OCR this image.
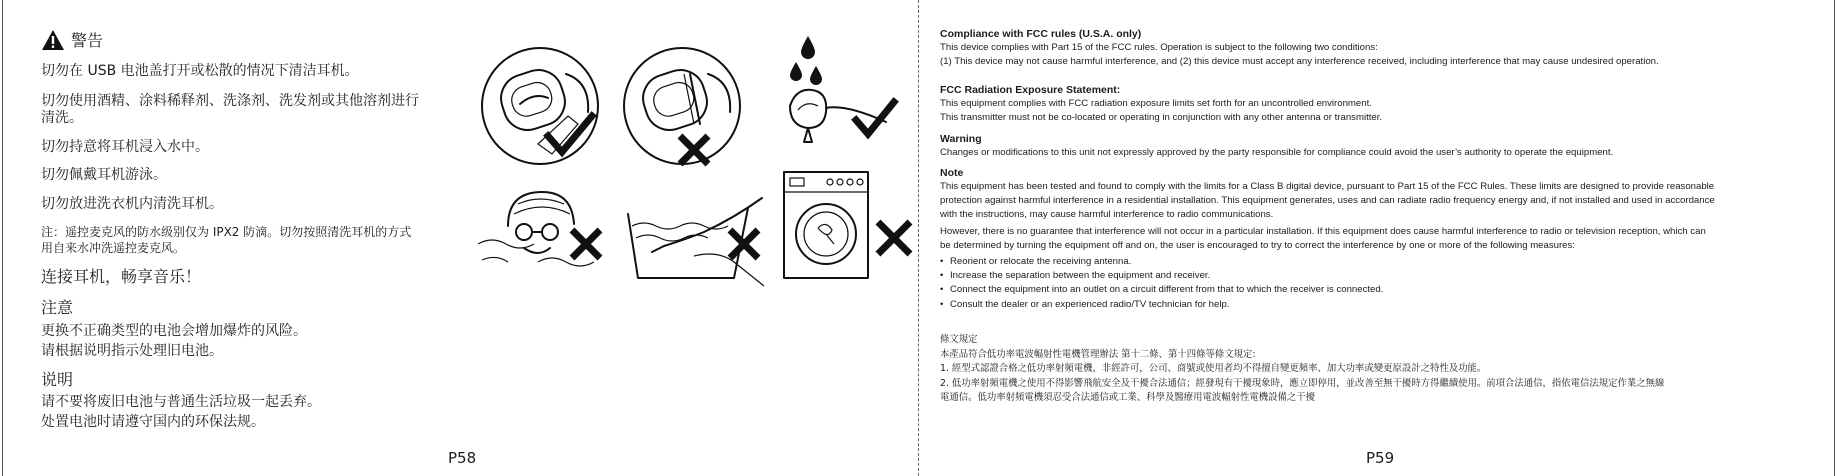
警告
切勿在 USB 电池盖打开或松散的情况下清洁耳机。
切勿使用酒精、涂料稀释剂、洗涤剂、洗发剂或其他溶剂进行
清洗。
切勿持意将耳机浸入水中。
切勿佩戴耳机游泳。
切勿放进洗衣机内清洗耳机。
注：遥控麦克风的防水级别仅为 IPX2 防滴。切勿按照清洗耳机的方式
用自来水冲洗遥控麦克风。
连接耳机，畅享音乐！
注意
更换不正确类型的电池会增加爆炸的风险。
请根据说明指示处理旧电池。
说明
请不要将废旧电池与普通生活垃圾一起丢弃。
处置电池时请遵守国内的环保法规。
P58
Compliance with FCC rules (U.S.A. only)
This device complies with Part 15 of the FCC rules. Operation is subject to the following two conditions:
(1) This device may not cause harmful interference, and (2) this device must accept any interference received, including interference that may cause undesired operation.
FCC Radiation Exposure Statement:
This equipment complies with FCC radiation exposure limits set forth for an uncontrolled environment.
This transmitter must not be co-located or operating in conjunction with any other antenna or transmitter.
Warning
Changes or modifications to this unit not expressly approved by the party responsible for compliance could avoid the user’s authority to operate the equipment.
Note
This equipment has been tested and found to comply with the limits for a Class B digital device, pursuant to Part 15 of the FCC Rules. These limits are designed to provide reasonable
protection against harmful interference in a residential installation. This equipment generates, uses and can radiate radio frequency energy and, if not installed and used in accordance
with the instructions, may cause harmful interference to radio communications.
However, there is no guarantee that interference will not occur in a particular installation. If this equipment does cause harmful interference to radio or television reception, which can
be determined by turning the equipment off and on, the user is encouraged to try to correct the interference by one or more of the following measures:
• Reorient or relocate the receiving antenna.
• Increase the separation between the equipment and receiver.
• Connect the equipment into an outlet on a circuit different from that to which the receiver is connected.
• Consult the dealer or an experienced radio/TV technician for help.
條文規定
本產品符合低功率電波輻射性電機管理辦法 第十二條、第十四條等條文規定:
1. 經型式認證合格之低功率射頻電機，非經許可，公司、商號或使用者均不得擅自變更頻率、加大功率或變更原設計之特性及功能。
2. 低功率射頻電機之使用不得影響飛航安全及干擾合法通信；經發現有干擾現象時，應立即停用，並改善至無干擾時方得繼續使用。前項合法通信，指依電信法規定作業之無線
電通信。低功率射頻電機須忍受合法通信或工業、科學及醫療用電波輻射性電機設備之干擾
P59
